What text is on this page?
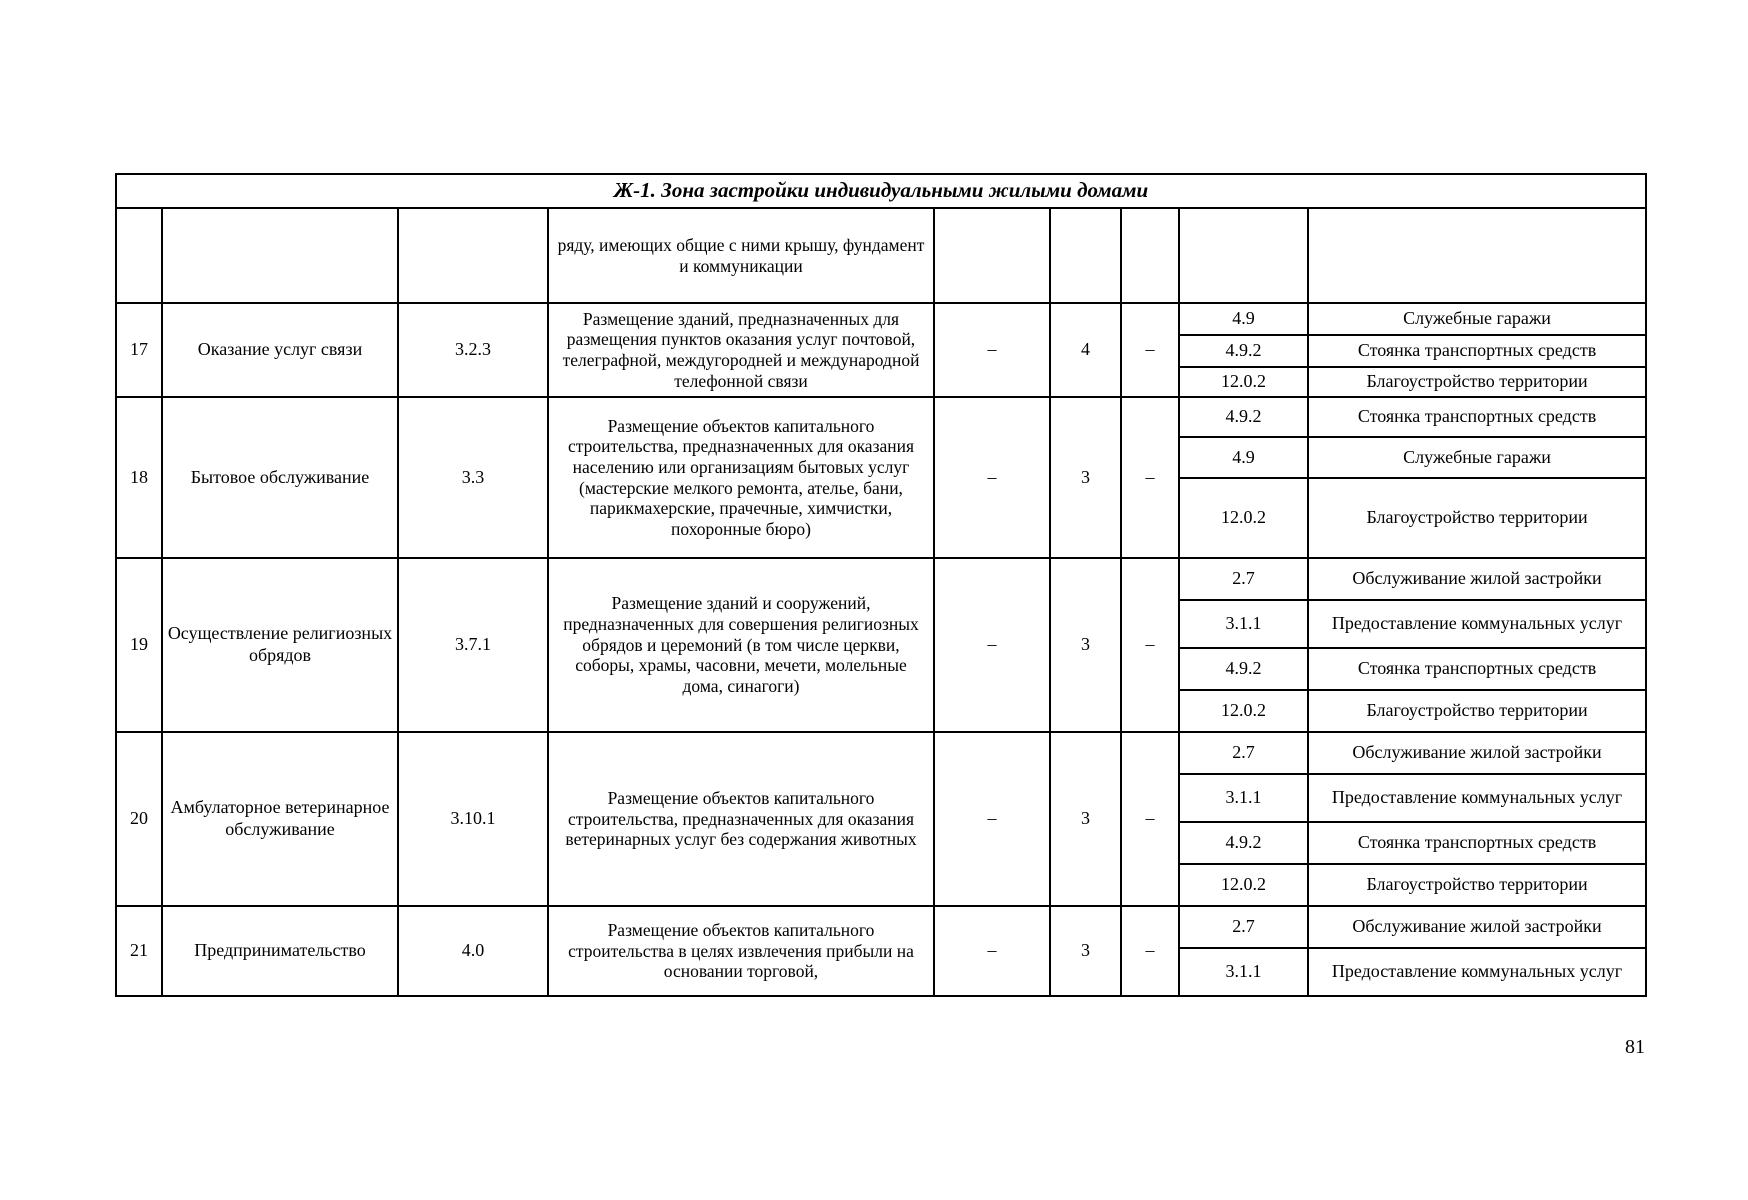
Ж-1. Зона застройки индивидуальными жилыми домами								
			ряду, имеющих общие с ними крышу, фундамент и коммуникации					
17	Оказание услуг связи	3.2.3	Размещение зданий, предназначенных для размещения пунктов оказания услуг почтовой, телеграфной, междугородней и международной телефонной связи	–	4	–	4.9	Служебные гаражи
							4.9.2	Стоянка транспортных средств
							12.0.2	Благоустройство территории
18	Бытовое обслуживание	3.3	Размещение объектов капитального строительства, предназначенных для оказания населению или организациям бытовых услуг (мастерские мелкого ремонта, ателье, бани, парикмахерские, прачечные, химчистки, похоронные бюро)	–	3	–	4.9.2	Стоянка транспортных средств
							4.9	Служебные гаражи
							12.0.2	Благоустройство территории
19	Осуществление религиозных обрядов	3.7.1	Размещение зданий и сооружений, предназначенных для совершения религиозных обрядов и церемоний (в том числе церкви, соборы, храмы, часовни, мечети, молельные дома, синагоги)	–	3	–	2.7	Обслуживание жилой застройки
							3.1.1	Предоставление коммунальных услуг
							4.9.2	Стоянка транспортных средств
							12.0.2	Благоустройство территории
20	Амбулаторное ветеринарное обслуживание	3.10.1	Размещение объектов капитального строительства, предназначенных для оказания ветеринарных услуг без содержания животных	–	3	–	2.7	Обслуживание жилой застройки
							3.1.1	Предоставление коммунальных услуг
							4.9.2	Стоянка транспортных средств
							12.0.2	Благоустройство территории
21	Предпринимательство	4.0	Размещение объектов капитального строительства в целях извлечения прибыли на основании торговой,	–	3	–	2.7	Обслуживание жилой застройки
							3.1.1	Предоставление коммунальных услуг
81
